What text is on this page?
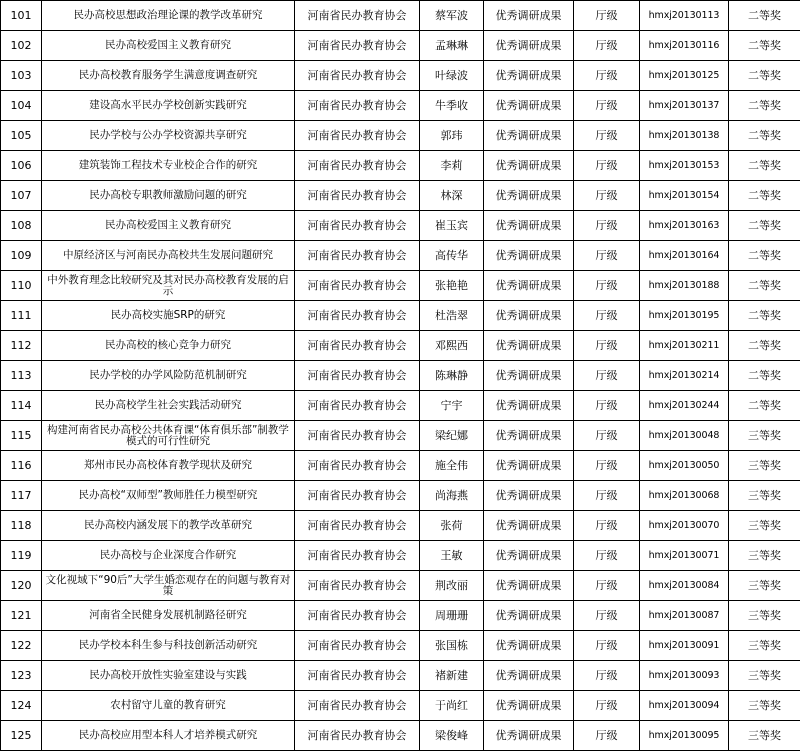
101	民办高校思想政治理论课的教学改革研究	河南省民办教育协会	蔡军波	优秀调研成果	厅级	hmxj20130113	二等奖
102	民办高校爱国主义教育研究	河南省民办教育协会	孟琳琳	优秀调研成果	厅级	hmxj20130116	二等奖
103	民办高校教育服务学生满意度调查研究	河南省民办教育协会	叶绿波	优秀调研成果	厅级	hmxj20130125	二等奖
104	建设高水平民办学校创新实践研究	河南省民办教育协会	牛季收	优秀调研成果	厅级	hmxj20130137	二等奖
105	民办学校与公办学校资源共享研究	河南省民办教育协会	郭玮	优秀调研成果	厅级	hmxj20130138	二等奖
106	建筑装饰工程技术专业校企合作的研究	河南省民办教育协会	李莉	优秀调研成果	厅级	hmxj20130153	二等奖
107	民办高校专职教师激励问题的研究	河南省民办教育协会	林深	优秀调研成果	厅级	hmxj20130154	二等奖
108	民办高校爱国主义教育研究	河南省民办教育协会	崔玉宾	优秀调研成果	厅级	hmxj20130163	二等奖
109	中原经济区与河南民办高校共生发展问题研究	河南省民办教育协会	高传华	优秀调研成果	厅级	hmxj20130164	二等奖
110	中外教育理念比较研究及其对民办高校教育发展的启示	河南省民办教育协会	张艳艳	优秀调研成果	厅级	hmxj20130188	二等奖
111	民办高校实施SRP的研究	河南省民办教育协会	杜浩翠	优秀调研成果	厅级	hmxj20130195	二等奖
112	民办高校的核心竞争力研究	河南省民办教育协会	邓熙西	优秀调研成果	厅级	hmxj20130211	二等奖
113	民办学校的办学风险防范机制研究	河南省民办教育协会	陈琳静	优秀调研成果	厅级	hmxj20130214	二等奖
114	民办高校学生社会实践活动研究	河南省民办教育协会	宁宇	优秀调研成果	厅级	hmxj20130244	二等奖
115	构建河南省民办高校公共体育课“体育俱乐部”制教学模式的可行性研究	河南省民办教育协会	梁纪娜	优秀调研成果	厅级	hmxj20130048	三等奖
116	郑州市民办高校体育教学现状及研究	河南省民办教育协会	施全伟	优秀调研成果	厅级	hmxj20130050	三等奖
117	民办高校“双师型”教师胜任力模型研究	河南省民办教育协会	尚海燕	优秀调研成果	厅级	hmxj20130068	三等奖
118	民办高校内涵发展下的教学改革研究	河南省民办教育协会	张荷	优秀调研成果	厅级	hmxj20130070	三等奖
119	民办高校与企业深度合作研究	河南省民办教育协会	王敏	优秀调研成果	厅级	hmxj20130071	三等奖
120	文化视域下“90后”大学生婚恋观存在的问题与教育对策	河南省民办教育协会	荆改丽	优秀调研成果	厅级	hmxj20130084	三等奖
121	河南省全民健身发展机制路径研究	河南省民办教育协会	周珊珊	优秀调研成果	厅级	hmxj20130087	三等奖
122	民办学校本科生参与科技创新活动研究	河南省民办教育协会	张国栋	优秀调研成果	厅级	hmxj20130091	三等奖
123	民办高校开放性实验室建设与实践	河南省民办教育协会	褚新建	优秀调研成果	厅级	hmxj20130093	三等奖
124	农村留守儿童的教育研究	河南省民办教育协会	于尚红	优秀调研成果	厅级	hmxj20130094	三等奖
125	民办高校应用型本科人才培养模式研究	河南省民办教育协会	梁俊峰	优秀调研成果	厅级	hmxj20130095	三等奖
